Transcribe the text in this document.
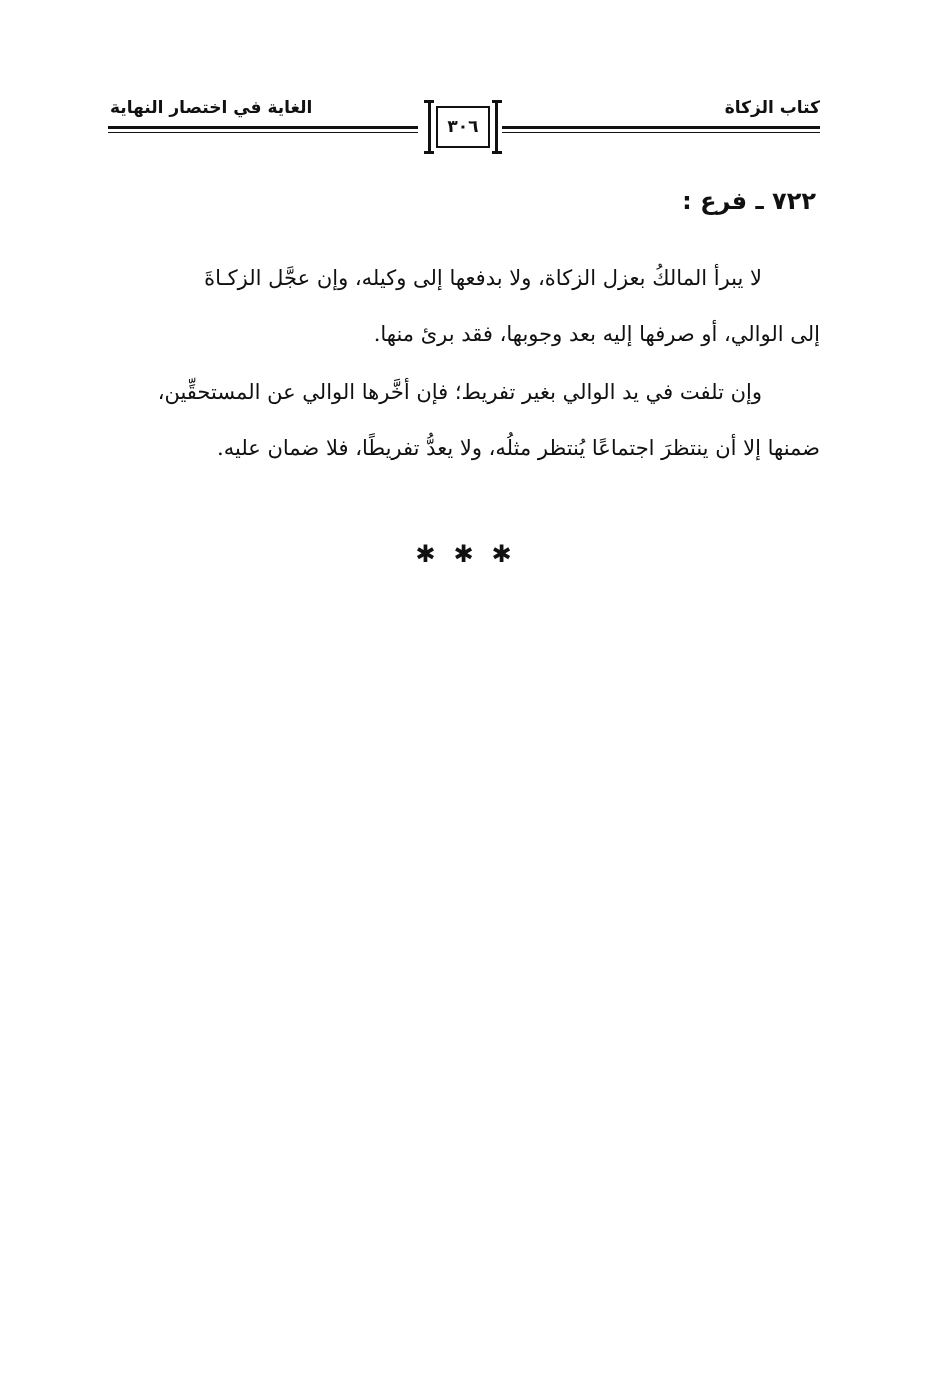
كتاب الزكاة
الغاية في اختصار النهاية
٣٠٦
٧٢٢ ـ فرع :

لا يبرأ المالكُ بعزل الزكاة، ولا بدفعها إلى وكيله، وإن عجَّل الزكـاةَ
إلى الوالي، أو صرفها إليه بعد وجوبها، فقد برئ منها.

وإن تلفت في يد الوالي بغير تفريط؛ فإن أخَّرها الوالي عن المستحقِّين،
ضمنها إلا أن ينتظرَ اجتماعًا يُنتظر مثلُه، ولا يعدُّ تفريطًا، فلا ضمان عليه.

✱✱✱
